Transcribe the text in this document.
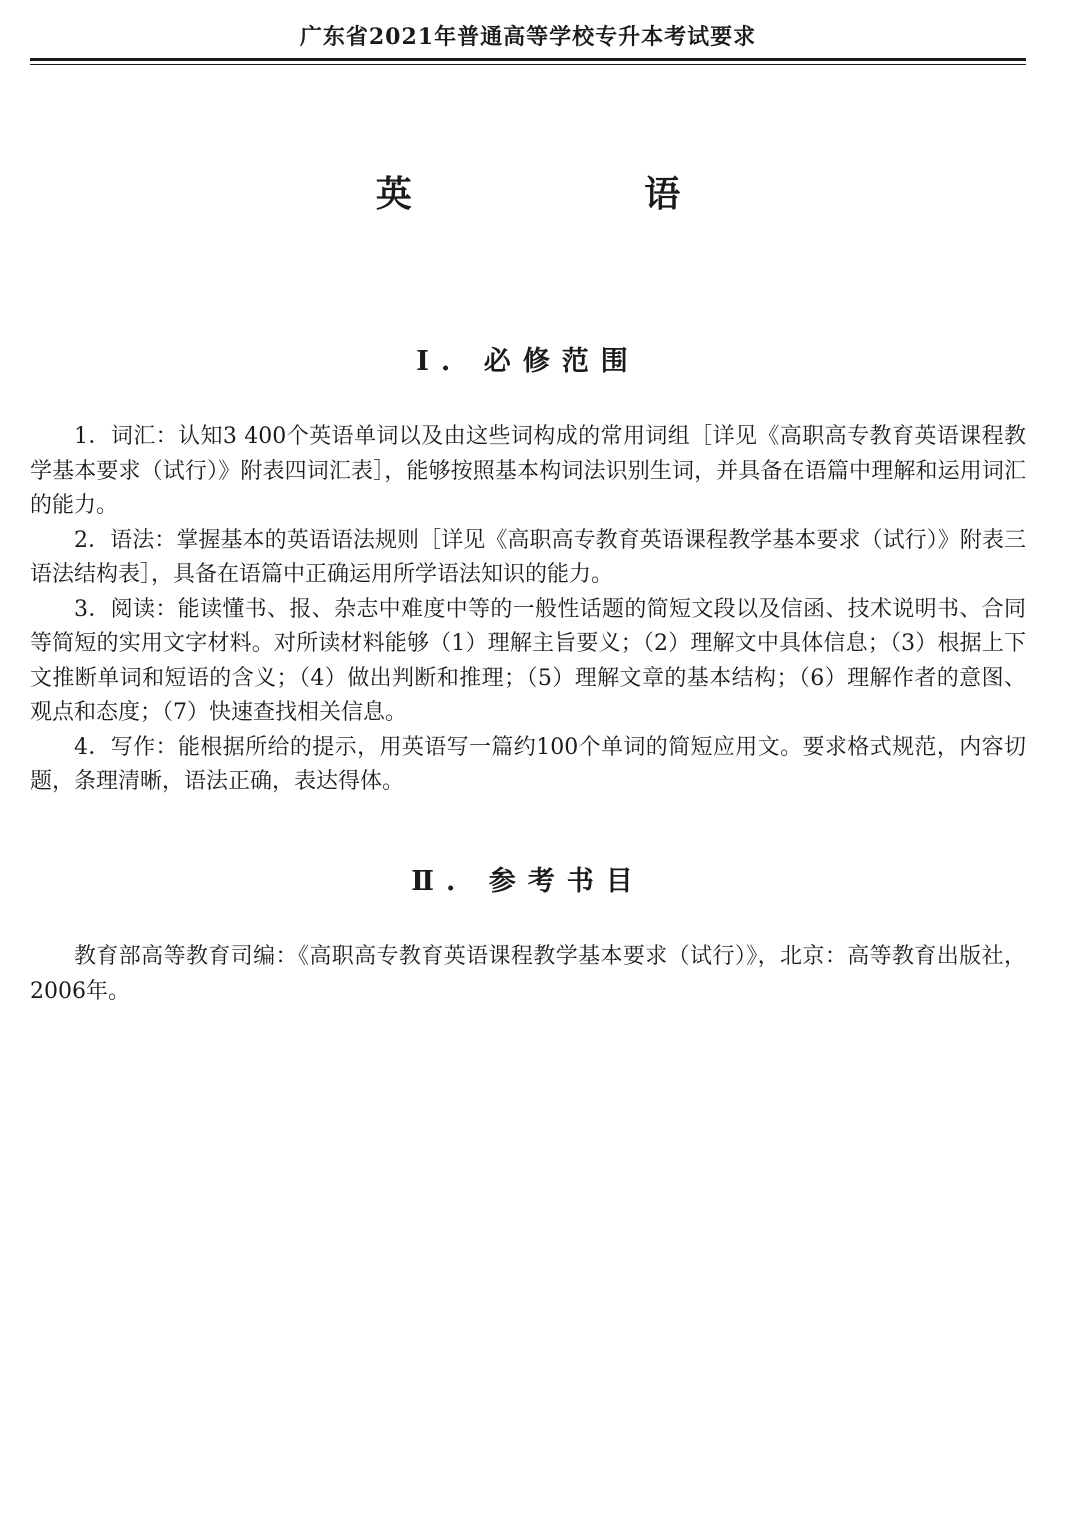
广东省2021年普通高等学校专升本考试要求
英 语
Ⅰ. 必修范围

1．词汇：认知3 400个英语单词以及由这些词构成的常用词组［详见《高职高专教育英语课程教学基本要求（试行）》附表四词汇表］，能够按照基本构词法识别生词，并具备在语篇中理解和运用词汇的能力。

2．语法：掌握基本的英语语法规则［详见《高职高专教育英语课程教学基本要求（试行）》附表三语法结构表］，具备在语篇中正确运用所学语法知识的能力。

3．阅读：能读懂书、报、杂志中难度中等的一般性话题的简短文段以及信函、技术说明书、合同等简短的实用文字材料。对所读材料能够（1）理解主旨要义；（2）理解文中具体信息；（3）根据上下文推断单词和短语的含义；（4）做出判断和推理；（5）理解文章的基本结构；（6）理解作者的意图、观点和态度；（7）快速查找相关信息。

4．写作：能根据所给的提示，用英语写一篇约100个单词的简短应用文。要求格式规范，内容切题，条理清晰，语法正确，表达得体。

Ⅱ. 参考书目

教育部高等教育司编：《高职高专教育英语课程教学基本要求（试行）》，北京：高等教育出版社，2006年。
